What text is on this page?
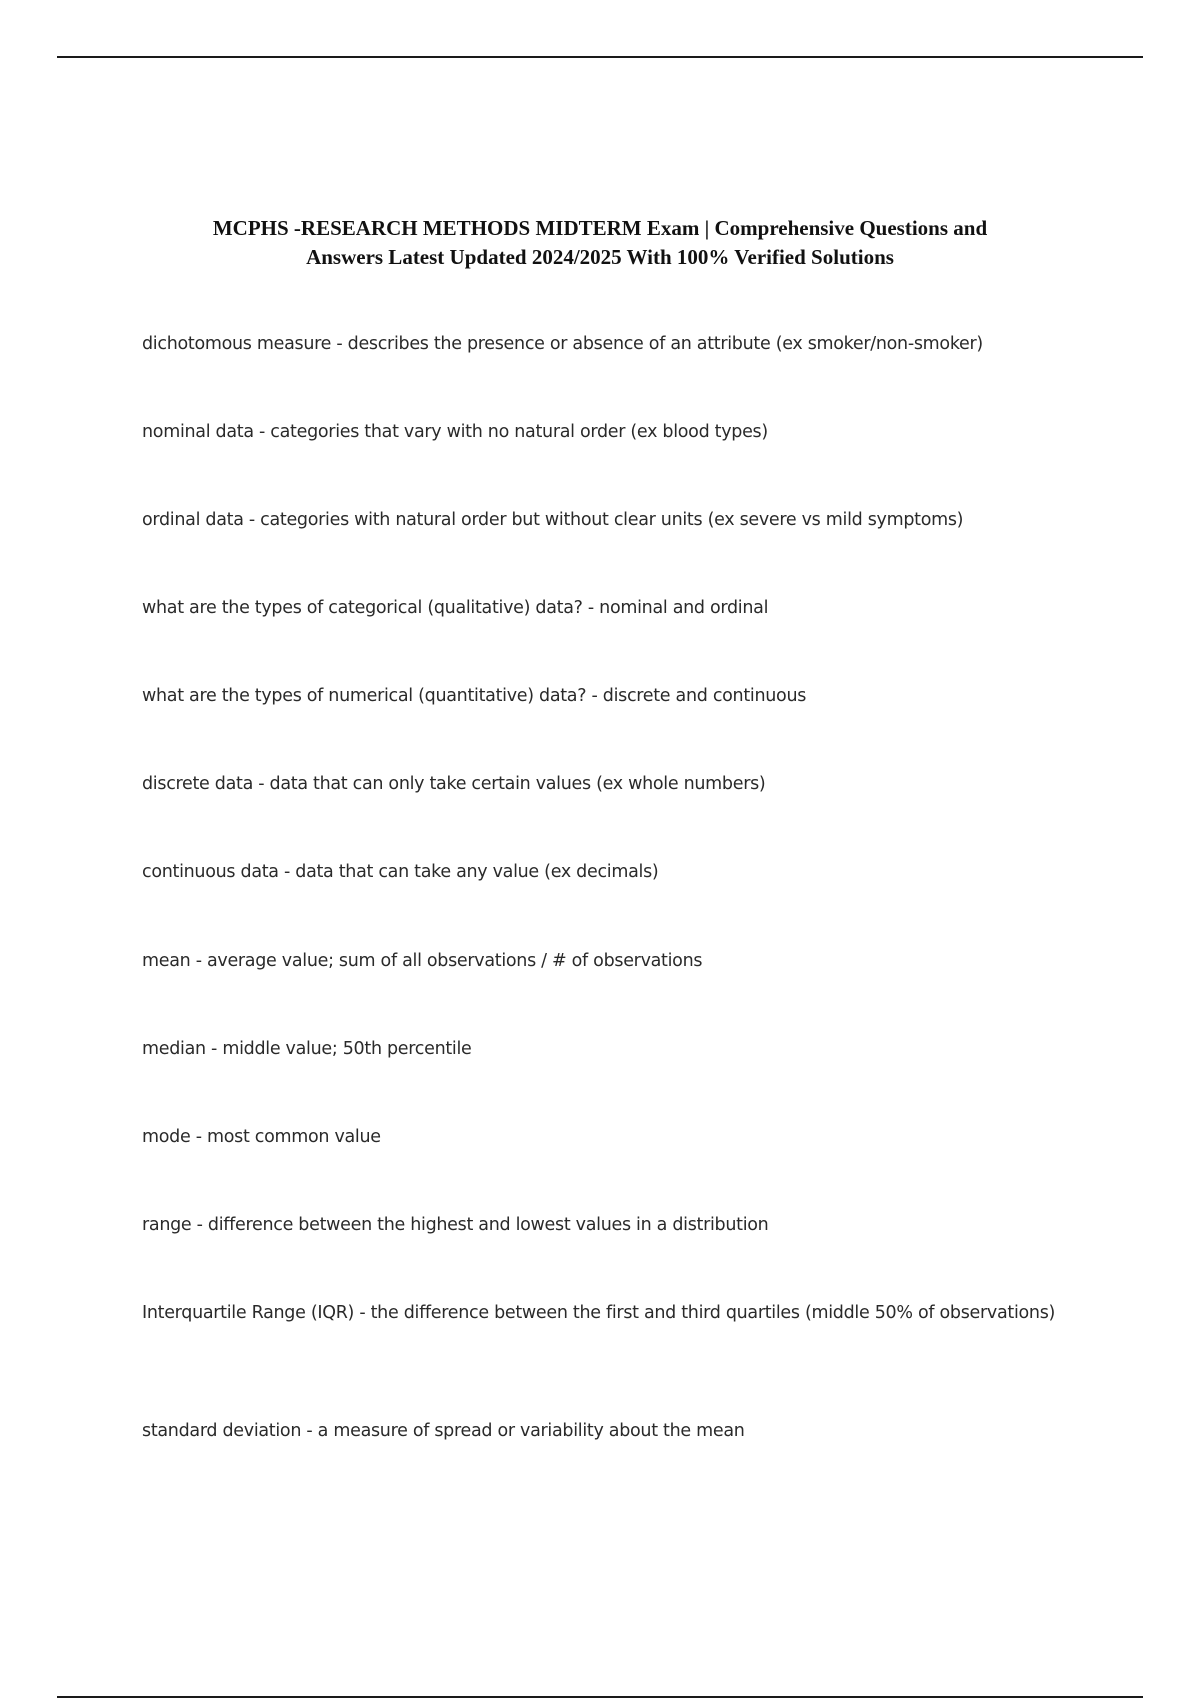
MCPHS -RESEARCH METHODS MIDTERM Exam | Comprehensive Questions and
Answers Latest Updated 2024/2025 With 100% Verified Solutions
dichotomous measure - describes the presence or absence of an attribute (ex smoker/non-smoker)
nominal data - categories that vary with no natural order (ex blood types)
ordinal data - categories with natural order but without clear units (ex severe vs mild symptoms)
what are the types of categorical (qualitative) data? - nominal and ordinal
what are the types of numerical (quantitative) data? - discrete and continuous
discrete data - data that can only take certain values (ex whole numbers)
continuous data - data that can take any value (ex decimals)
mean - average value; sum of all observations / # of observations
median - middle value; 50th percentile
mode - most common value
range - difference between the highest and lowest values in a distribution
Interquartile Range (IQR) - the difference between the first and third quartiles (middle 50% of observations)
standard deviation - a measure of spread or variability about the mean
